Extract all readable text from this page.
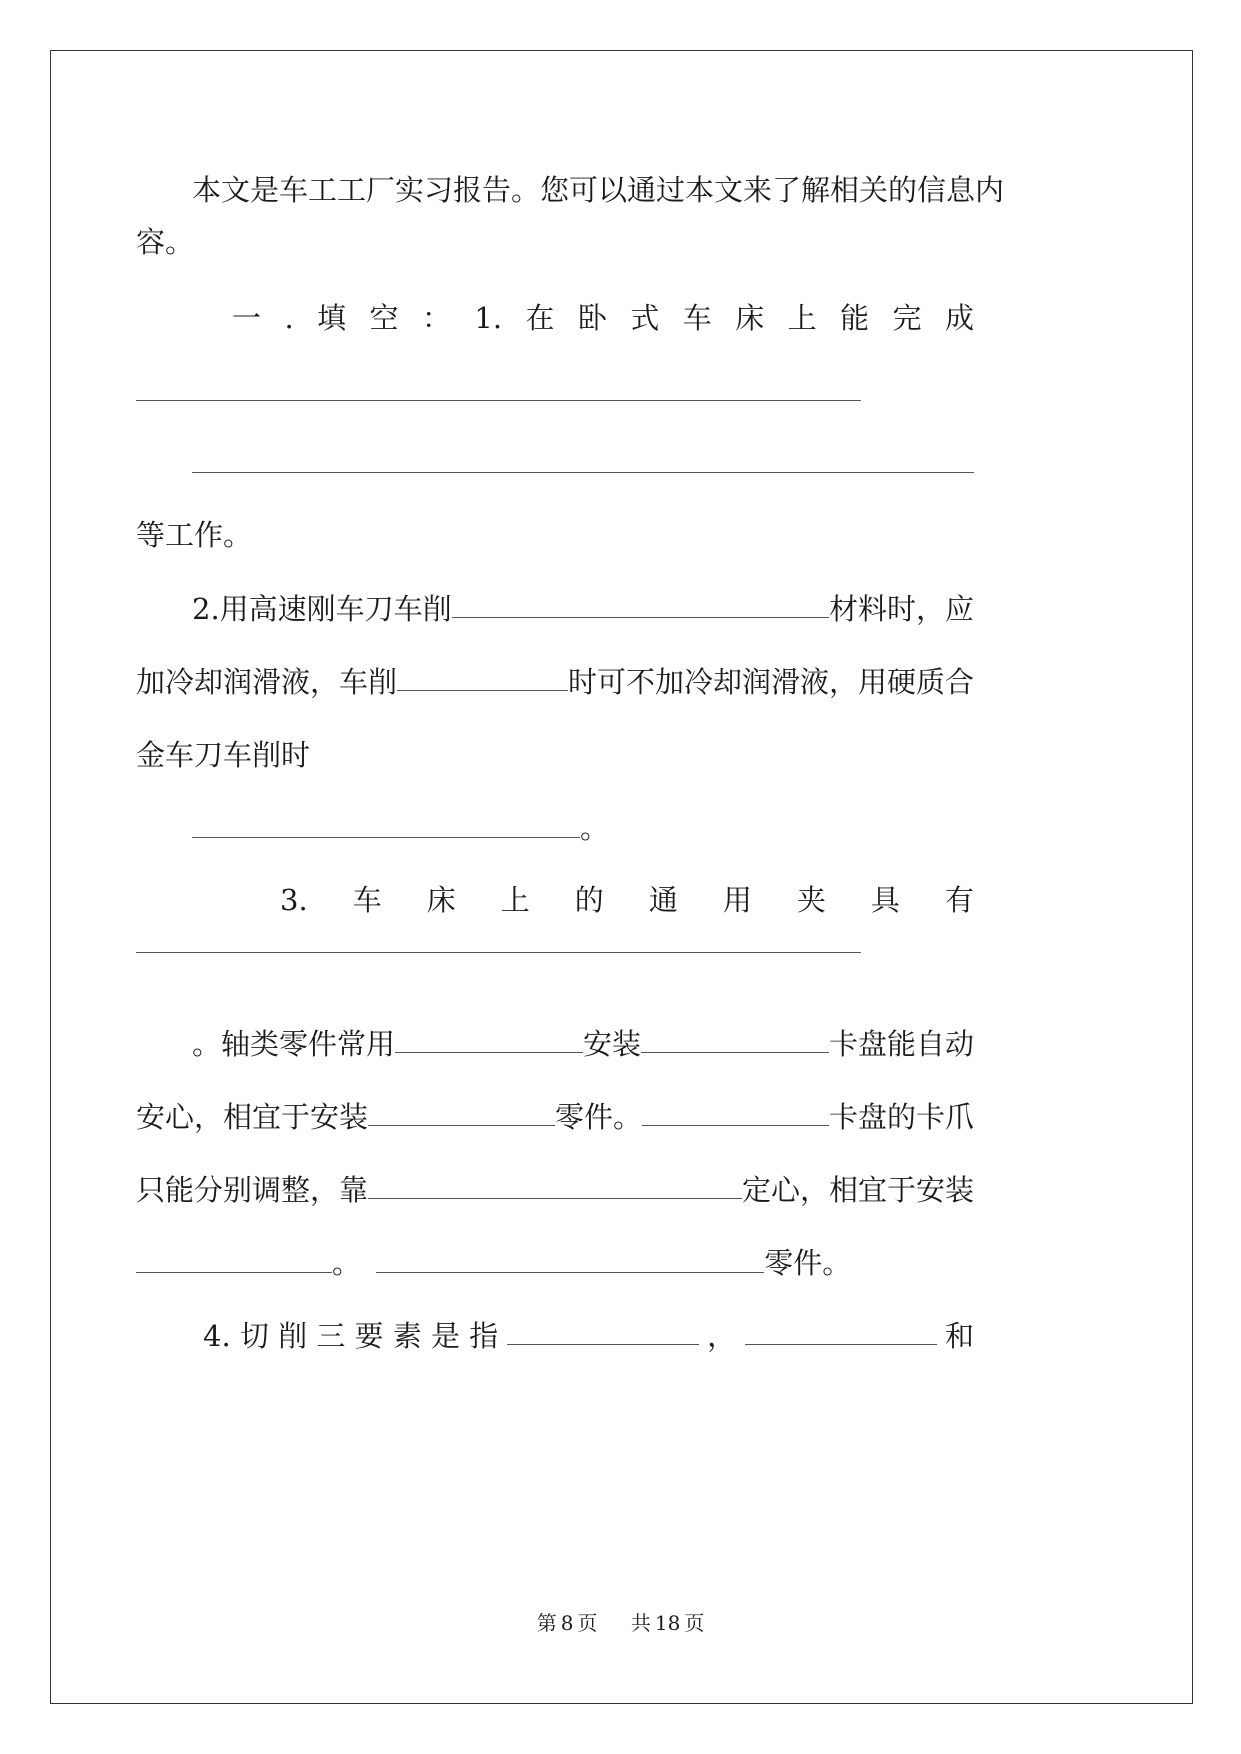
本文是车工工厂实习报告。您可以通过本文来了解相关的信息内
容。
一 . 填 空 ： 1. 在 卧 式 车 床 上 能 完 成
等工作。
2.用高速刚车刀车削	材料时，应
加冷却润滑液，车削	时可不加冷却润滑液，用硬质合
金车刀车削时
。
3. 车 床 上 的 通 用 夹 具 有
。轴类零件常用	安装	卡盘能自动
安心，相宜于安装	零件。	卡盘的卡爪
只能分别调整，靠	定心，相宜于安装
。	零件。
4. 切 削 三 要 素 是 指	，	和
第 8 页 共 18 页
